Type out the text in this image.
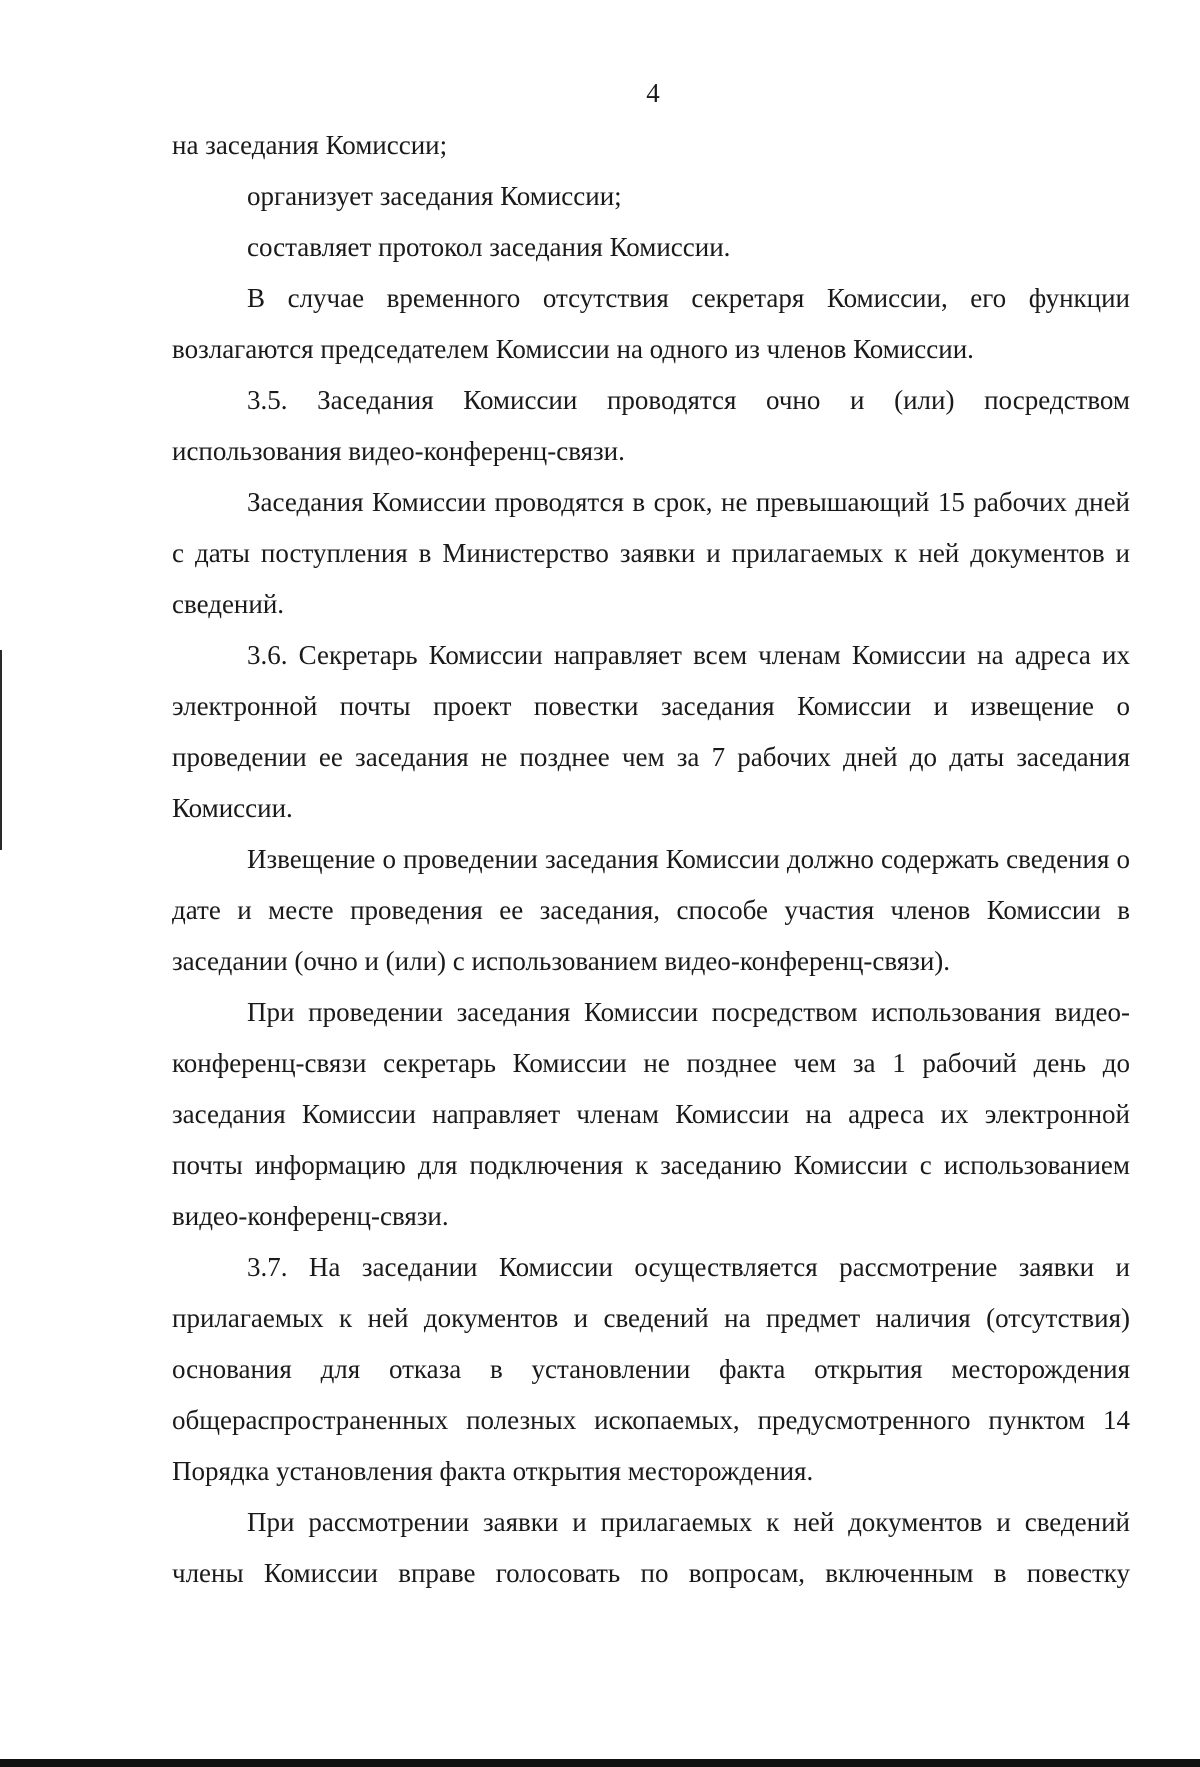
4

на заседания Комиссии;

организует заседания Комиссии;

составляет протокол заседания Комиссии.

В случае временного отсутствия секретаря Комиссии, его функции возлагаются председателем Комиссии на одного из членов Комиссии.

3.5. Заседания Комиссии проводятся очно и (или) посредством использования видео-конференц-связи.

Заседания Комиссии проводятся в срок, не превышающий 15 рабочих дней с даты поступления в Министерство заявки и прилагаемых к ней документов и сведений.

3.6. Секретарь Комиссии направляет всем членам Комиссии на адреса их электронной почты проект повестки заседания Комиссии и извещение о проведении ее заседания не позднее чем за 7 рабочих дней до даты заседания Комиссии.

Извещение о проведении заседания Комиссии должно содержать сведения о дате и месте проведения ее заседания, способе участия членов Комиссии в заседании (очно и (или) с использованием видео-конференц-связи).

При проведении заседания Комиссии посредством использования видео-конференц-связи секретарь Комиссии не позднее чем за 1 рабочий день до заседания Комиссии направляет членам Комиссии на адреса их электронной почты информацию для подключения к заседанию Комиссии с использованием видео-конференц-связи.

3.7. На заседании Комиссии осуществляется рассмотрение заявки и прилагаемых к ней документов и сведений на предмет наличия (отсутствия) основания для отказа в установлении факта открытия месторождения общераспространенных полезных ископаемых, предусмотренного пунктом 14 Порядка установления факта открытия месторождения.

При рассмотрении заявки и прилагаемых к ней документов и сведений члены Комиссии вправе голосовать по вопросам, включенным в повестку
